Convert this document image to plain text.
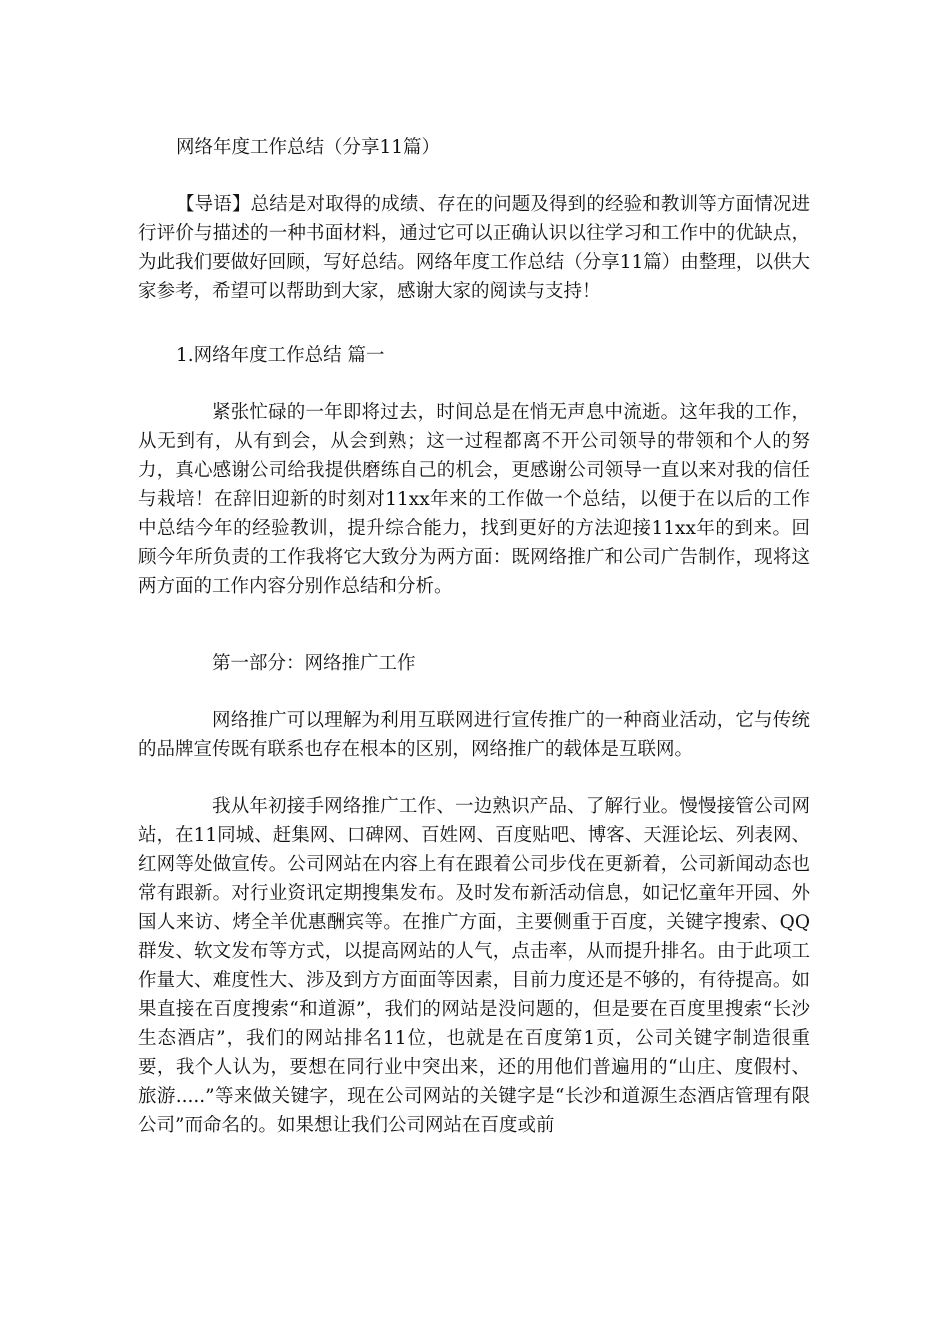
网络年度工作总结（分享11篇）

【导语】总结是对取得的成绩、存在的问题及得到的经验和教训等方面情况进行评价与描述的一种书面材料，通过它可以正确认识以往学习和工作中的优缺点，为此我们要做好回顾，写好总结。网络年度工作总结（分享11篇）由整理，以供大家参考，希望可以帮助到大家，感谢大家的阅读与支持！

1.网络年度工作总结 篇一

紧张忙碌的一年即将过去，时间总是在悄无声息中流逝。这年我的工作，从无到有，从有到会，从会到熟；这一过程都离不开公司领导的带领和个人的努力，真心感谢公司给我提供磨练自己的机会，更感谢公司领导一直以来对我的信任与栽培！在辞旧迎新的时刻对11xx年来的工作做一个总结，以便于在以后的工作中总结今年的经验教训，提升综合能力，找到更好的方法迎接11xx年的到来。回顾今年所负责的工作我将它大致分为两方面：既网络推广和公司广告制作，现将这两方面的工作内容分别作总结和分析。

第一部分：网络推广工作

网络推广可以理解为利用互联网进行宣传推广的一种商业活动，它与传统的品牌宣传既有联系也存在根本的区别，网络推广的载体是互联网。

我从年初接手网络推广工作、一边熟识产品、了解行业。慢慢接管公司网站，在11同城、赶集网、口碑网、百姓网、百度贴吧、博客、天涯论坛、列表网、红网等处做宣传。公司网站在内容上有在跟着公司步伐在更新着，公司新闻动态也常有跟新。对行业资讯定期搜集发布。及时发布新活动信息，如记忆童年开园、外国人来访、烤全羊优惠酬宾等。在推广方面，主要侧重于百度，关键字搜索、QQ群发、软文发布等方式，以提高网站的人气，点击率，从而提升排名。由于此项工作量大、难度性大、涉及到方方面面等因素，目前力度还是不够的，有待提高。如果直接在百度搜索“和道源”，我们的网站是没问题的，但是要在百度里搜索“长沙生态酒店”，我们的网站排名11位，也就是在百度第1页，公司关键字制造很重要，我个人认为，要想在同行业中突出来，还的用他们普遍用的“山庄、度假村、旅游.....”等来做关键字，现在公司网站的关键字是“长沙和道源生态酒店管理有限公司”而命名的。如果想让我们公司网站在百度或前
